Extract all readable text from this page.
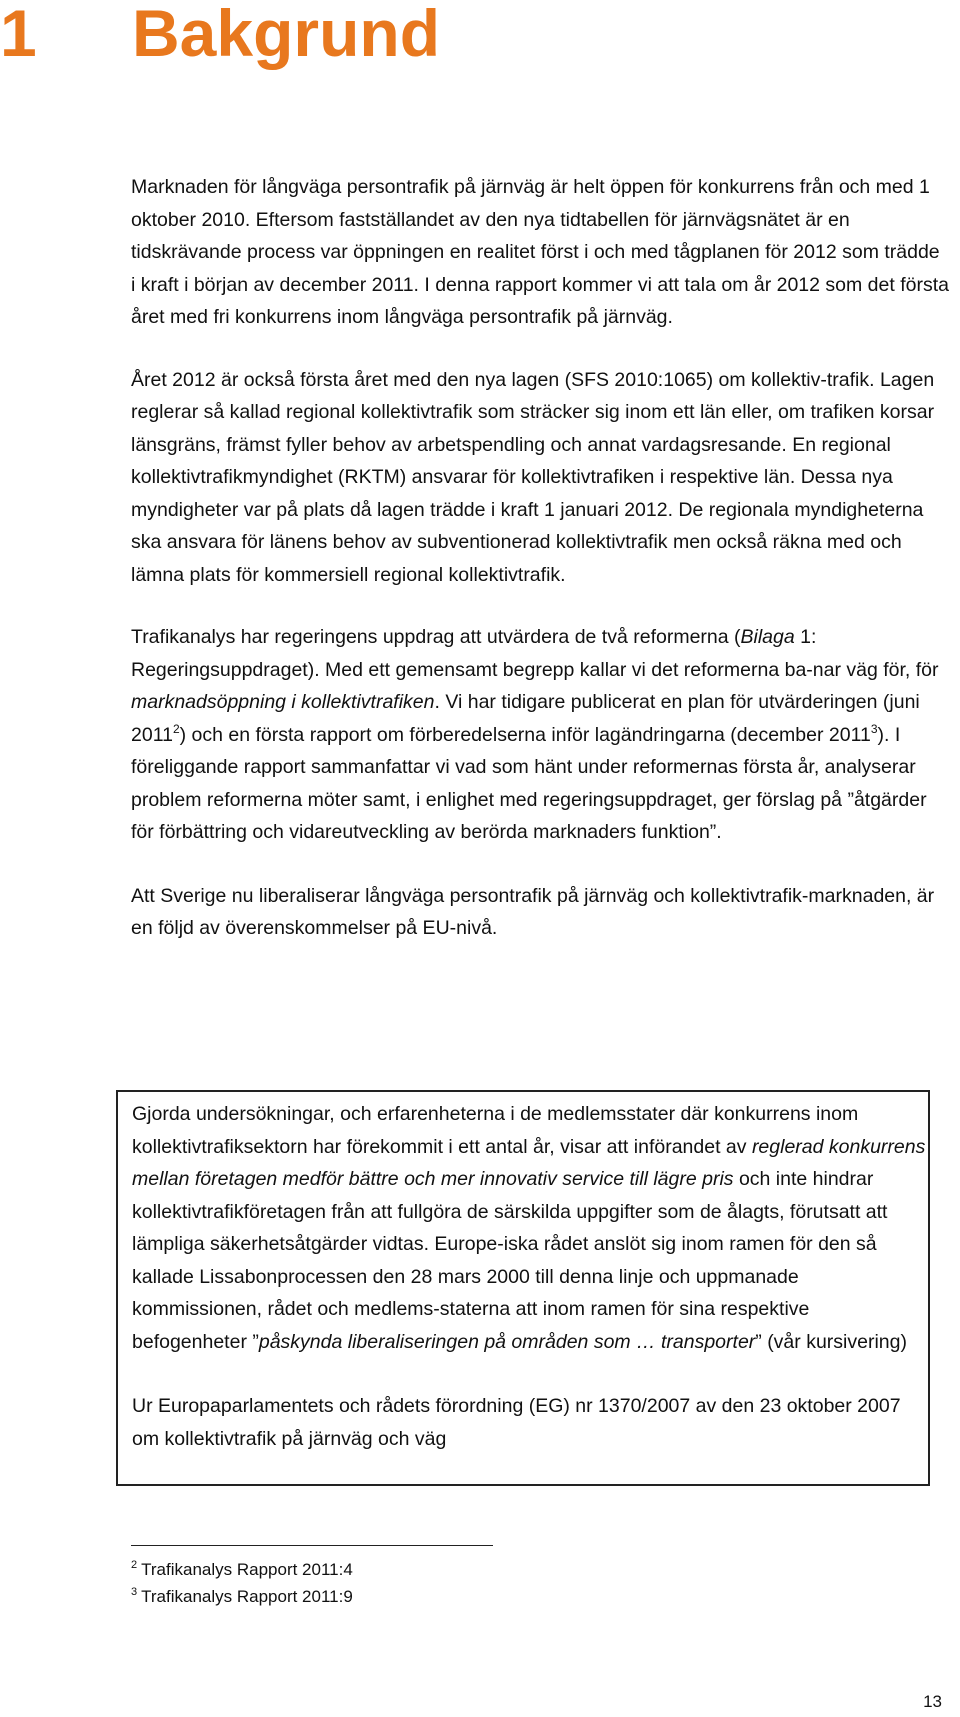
1 Bakgrund

Marknaden för långväga persontrafik på järnväg är helt öppen för konkurrens från och med 1 oktober 2010. Eftersom fastställandet av den nya tidtabellen för järnvägsnätet är en tidskrävande process var öppningen en realitet först i och med tågplanen för 2012 som trädde i kraft i början av december 2011. I denna rapport kommer vi att tala om år 2012 som det första året med fri konkurrens inom långväga persontrafik på järnväg.

Året 2012 är också första året med den nya lagen (SFS 2010:1065) om kollektiv-trafik. Lagen reglerar så kallad regional kollektivtrafik som sträcker sig inom ett län eller, om trafiken korsar länsgräns, främst fyller behov av arbetspendling och annat vardagsresande. En regional kollektivtrafikmyndighet (RKTM) ansvarar för kollektivtrafiken i respektive län. Dessa nya myndigheter var på plats då lagen trädde i kraft 1 januari 2012. De regionala myndigheterna ska ansvara för länens behov av subventionerad kollektivtrafik men också räkna med och lämna plats för kommersiell regional kollektivtrafik.

Trafikanalys har regeringens uppdrag att utvärdera de två reformerna (Bilaga 1: Regeringsuppdraget). Med ett gemensamt begrepp kallar vi det reformerna ba-nar väg för, för marknadsöppning i kollektivtrafiken. Vi har tidigare publicerat en plan för utvärderingen (juni 2011$^2$) och en första rapport om förberedelserna inför lagändringarna (december 2011$^3$). I föreliggande rapport sammanfattar vi vad som hänt under reformernas första år, analyserar problem reformerna möter samt, i enlighet med regeringsuppdraget, ger förslag på ”åtgärder för förbättring och vidareutveckling av berörda marknaders funktion”.

Att Sverige nu liberaliserar långväga persontrafik på järnväg och kollektivtrafik-marknaden, är en följd av överenskommelser på EU-nivå.

Gjorda undersökningar, och erfarenheterna i de medlemsstater där konkurrens inom kollektivtrafiksektorn har förekommit i ett antal år, visar att införandet av reglerad konkurrens mellan företagen medför bättre och mer innovativ service till lägre pris och inte hindrar kollektivtrafikföretagen från att fullgöra de särskilda uppgifter som de ålagts, förutsatt att lämpliga säkerhetsåtgärder vidtas. Europe-iska rådet anslöt sig inom ramen för den så kallade Lissabonprocessen den 28 mars 2000 till denna linje och uppmanade kommissionen, rådet och medlems-staterna att inom ramen för sina respektive befogenheter ”påskynda liberaliseringen på områden som … transporter” (vår kursivering)

Ur Europaparlamentets och rådets förordning (EG) nr 1370/2007 av den 23 oktober 2007 om kollektivtrafik på järnväg och väg

$^2$ Trafikanalys Rapport 2011:4

$^3$ Trafikanalys Rapport 2011:9

13
